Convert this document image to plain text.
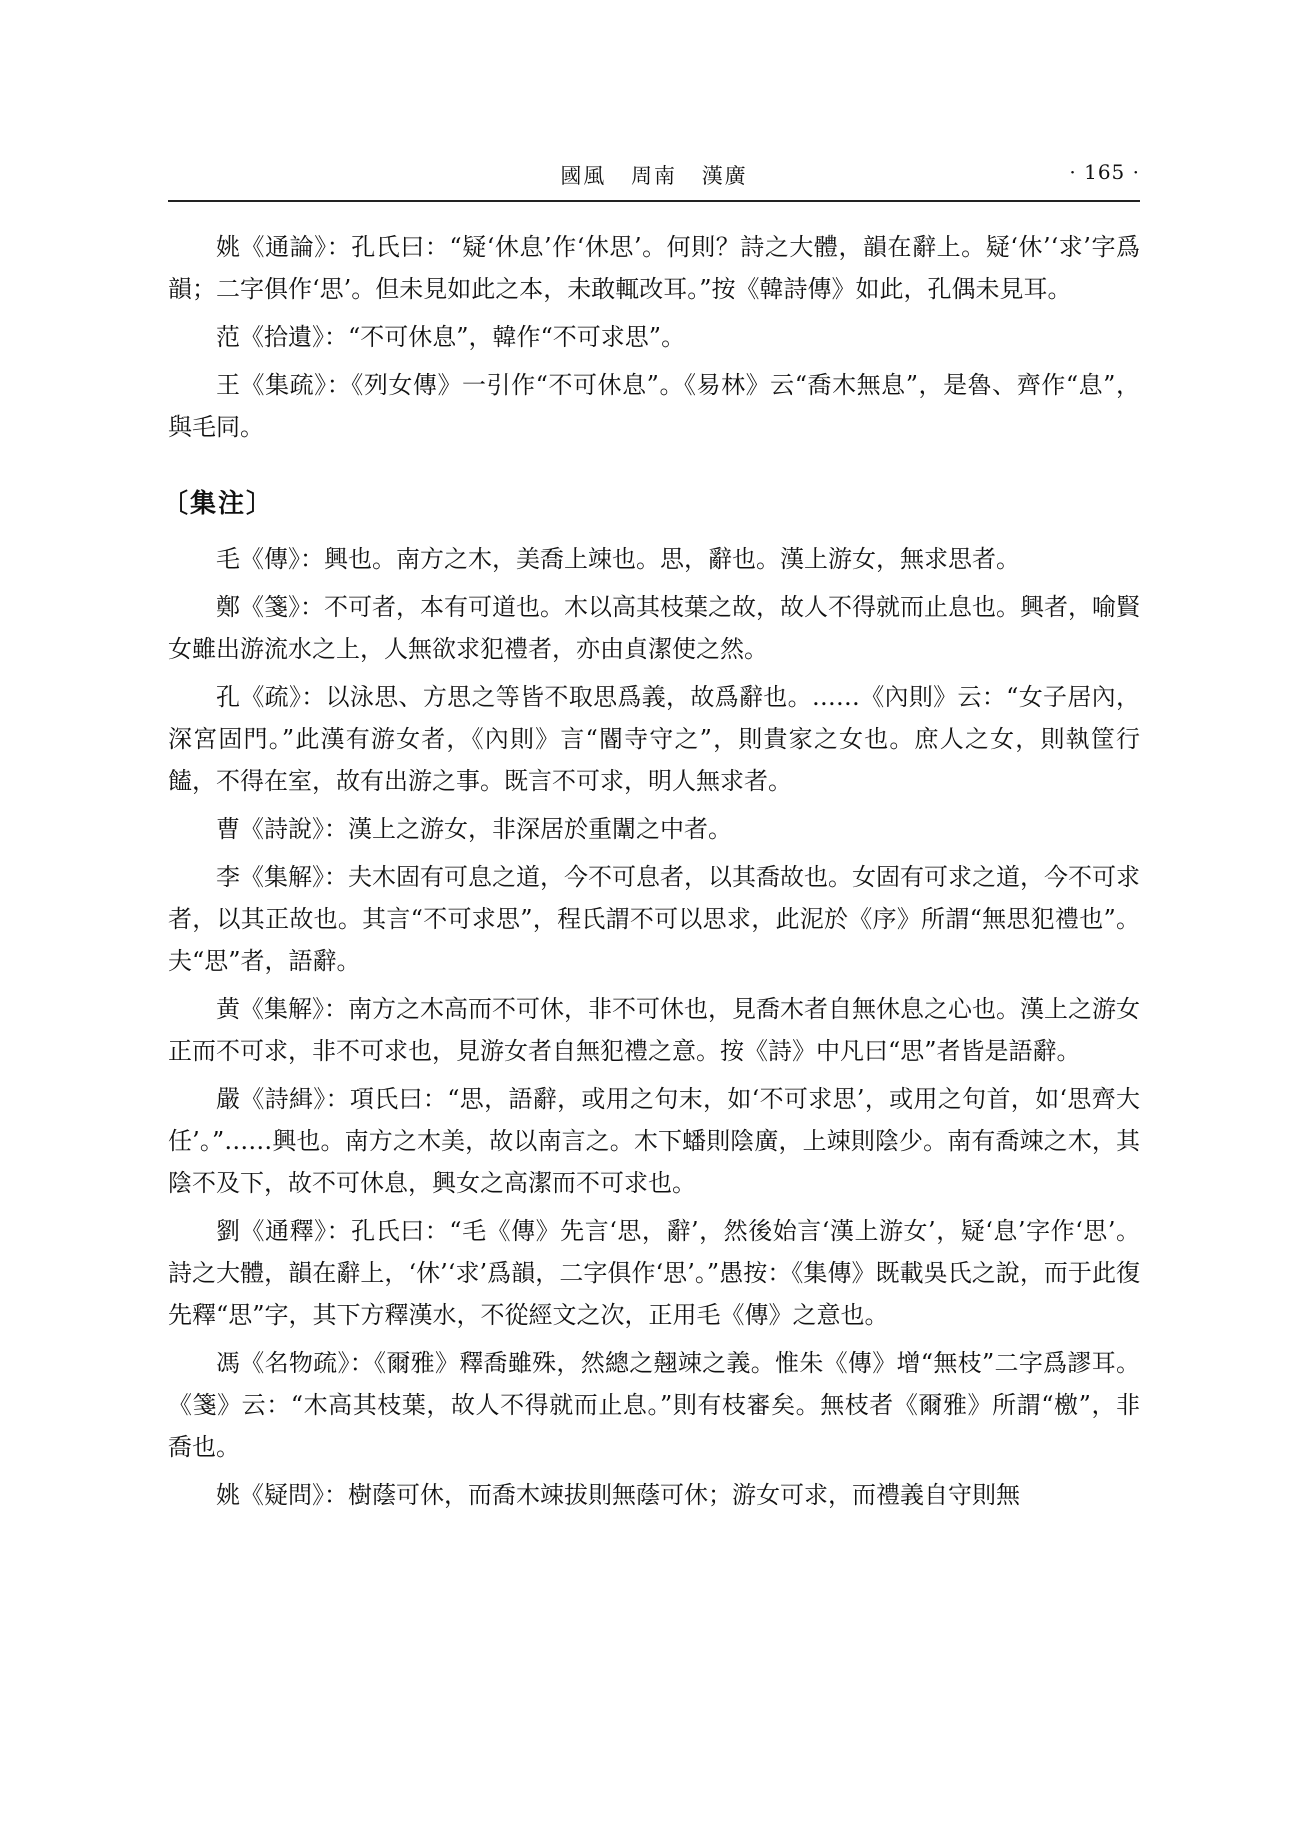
國風 周南 漢廣	· 165 ·

姚《通論》：孔氏曰：“疑‘休息’作‘休思’。何則？詩之大體，韻在辭上。疑‘休’‘求’字爲韻；二字俱作‘思’。但未見如此之本，未敢輒改耳。”按《韓詩傳》如此，孔偶未見耳。

范《拾遺》：“不可休息”，韓作“不可求思”。

王《集疏》：《列女傳》一引作“不可休息”。《易林》云“喬木無息”，是魯、齊作“息”，與毛同。

〔集注〕

毛《傳》：興也。南方之木，美喬上竦也。思，辭也。漢上游女，無求思者。

鄭《箋》：不可者，本有可道也。木以高其枝葉之故，故人不得就而止息也。興者，喻賢女雖出游流水之上，人無欲求犯禮者，亦由貞潔使之然。

孔《疏》：以泳思、方思之等皆不取思爲義，故爲辭也。……《內則》云：“女子居內，深宮固門。”此漢有游女者，《內則》言“閽寺守之”，則貴家之女也。庶人之女，則執筐行饁，不得在室，故有出游之事。既言不可求，明人無求者。

曹《詩說》：漢上之游女，非深居於重闈之中者。

李《集解》：夫木固有可息之道，今不可息者，以其喬故也。女固有可求之道，今不可求者，以其正故也。其言“不可求思”，程氏謂不可以思求，此泥於《序》所謂“無思犯禮也”。夫“思”者，語辭。

黄《集解》：南方之木高而不可休，非不可休也，見喬木者自無休息之心也。漢上之游女正而不可求，非不可求也，見游女者自無犯禮之意。按《詩》中凡曰“思”者皆是語辭。

嚴《詩緝》：項氏曰：“思，語辭，或用之句末，如‘不可求思’，或用之句首，如‘思齊大任’。”……興也。南方之木美，故以南言之。木下蟠則陰廣，上竦則陰少。南有喬竦之木，其陰不及下，故不可休息，興女之高潔而不可求也。

劉《通釋》：孔氏曰：“毛《傳》先言‘思，辭’，然後始言‘漢上游女’，疑‘息’字作‘思’。詩之大體，韻在辭上，‘休’‘求’爲韻，二字俱作‘思’。”愚按：《集傳》既載吳氏之說，而于此復先釋“思”字，其下方釋漢水，不從經文之次，正用毛《傳》之意也。

馮《名物疏》：《爾雅》釋喬雖殊，然總之翹竦之義。惟朱《傳》增“無枝”二字爲謬耳。《箋》云：“木高其枝葉，故人不得就而止息。”則有枝審矣。無枝者《爾雅》所謂“檄”，非喬也。

姚《疑問》：樹蔭可休，而喬木竦拔則無蔭可休；游女可求，而禮義自守則無
